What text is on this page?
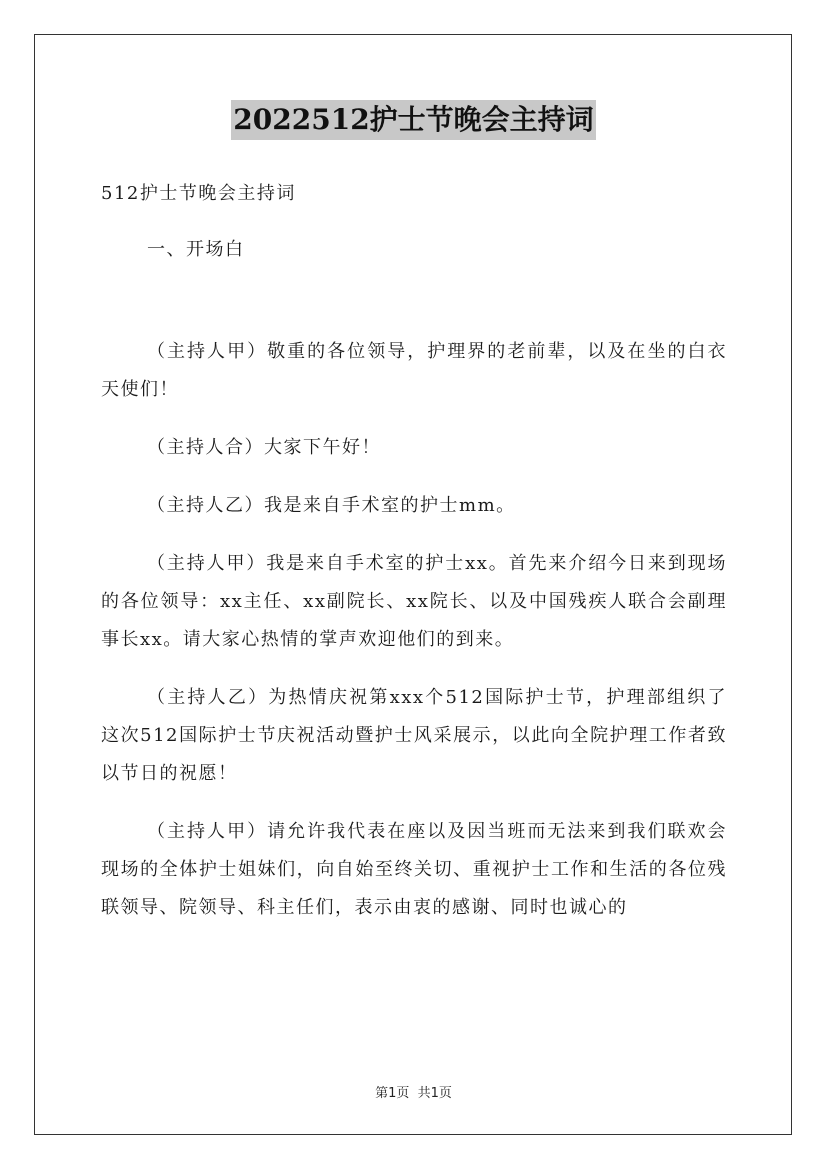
2022512护士节晚会主持词

512护士节晚会主持词

一、开场白

（主持人甲）敬重的各位领导，护理界的老前辈，以及在坐的白衣天使们！

（主持人合）大家下午好！

（主持人乙）我是来自手术室的护士mm。

（主持人甲）我是来自手术室的护士xx。首先来介绍今日来到现场的各位领导：xx主任、xx副院长、xx院长、以及中国残疾人联合会副理事长xx。请大家心热情的掌声欢迎他们的到来。

（主持人乙）为热情庆祝第xxx个512国际护士节，护理部组织了这次512国际护士节庆祝活动暨护士风采展示，以此向全院护理工作者致以节日的祝愿！

（主持人甲）请允许我代表在座以及因当班而无法来到我们联欢会现场的全体护士姐妹们，向自始至终关切、重视护士工作和生活的各位残联领导、院领导、科主任们，表示由衷的感谢、同时也诚心的

第1页 共1页
